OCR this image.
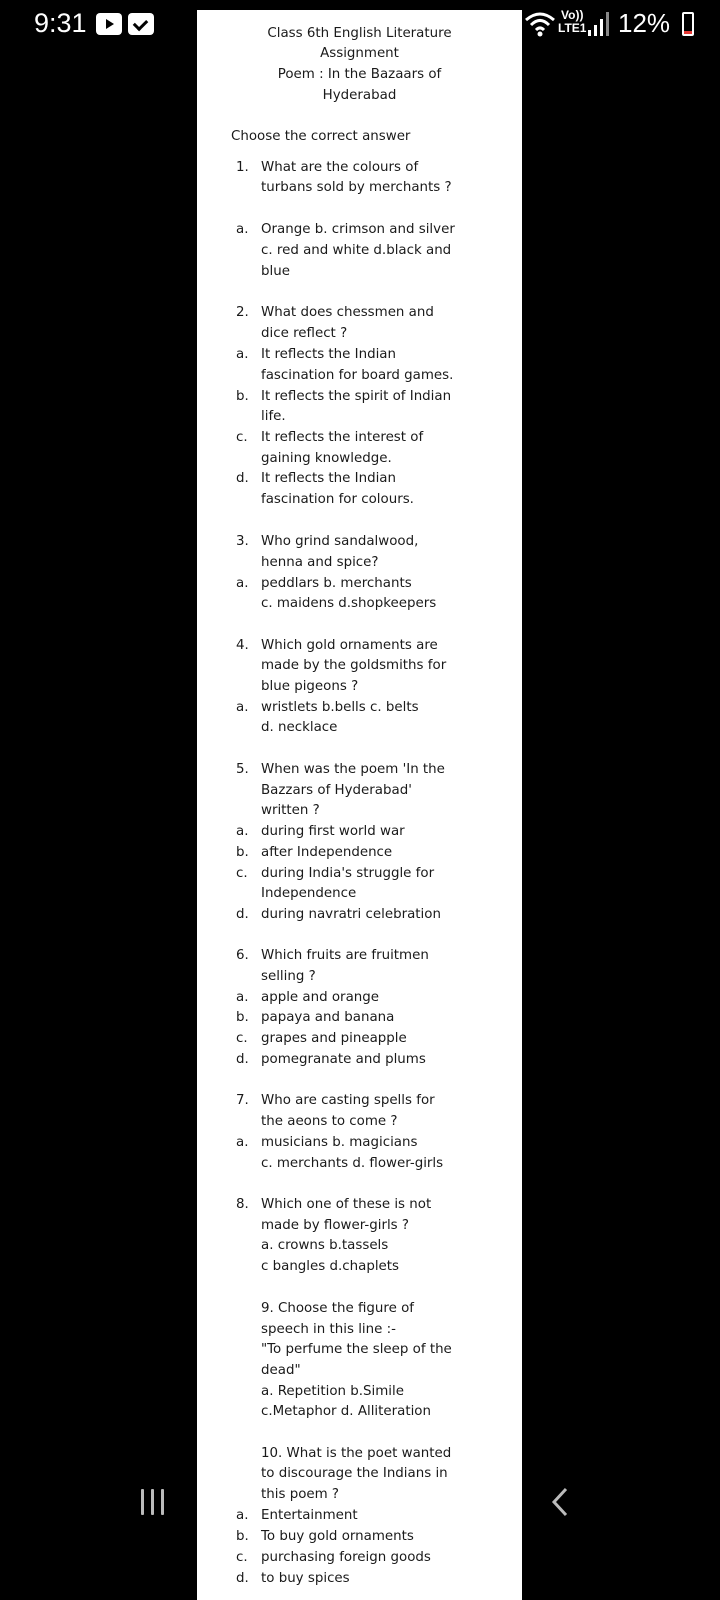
9:31	Vo))
LTE1 12%
Class 6th English Literature
Assignment
Poem : In the Bazaars of
Hyderabad
Choose the correct answer
1. What are the colours of
turbans sold by merchants ?
a. Orange b. crimson and silver
c. red and white d.black and
blue
2. What does chessmen and
dice reflect ?
a. It reflects the Indian
fascination for board games.
b. It reflects the spirit of Indian
life.
c. It reflects the interest of
gaining knowledge.
d. It reflects the Indian
fascination for colours.
3. Who grind sandalwood,
henna and spice?
a. peddlars b. merchants
c. maidens d.shopkeepers
4. Which gold ornaments are
made by the goldsmiths for
blue pigeons ?
a. wristlets b.bells c. belts
d. necklace
5. When was the poem 'In the
Bazzars of Hyderabad'
written ?
a. during first world war
b. after Independence
c. during India's struggle for
Independence
d. during navratri celebration
6. Which fruits are fruitmen
selling ?
a. apple and orange
b. papaya and banana
c. grapes and pineapple
d. pomegranate and plums
7. Who are casting spells for
the aeons to come ?
a. musicians b. magicians
c. merchants d. flower-girls
8. Which one of these is not
made by flower-girls ?
a. crowns b.tassels
c bangles d.chaplets
9. Choose the figure of
speech in this line :-
"To perfume the sleep of the
dead"
a. Repetition b.Simile
c.Metaphor d. Alliteration
10. What is the poet wanted
to discourage the Indians in
this poem ?
a. Entertainment
b. To buy gold ornaments
c. purchasing foreign goods
d. to buy spices
